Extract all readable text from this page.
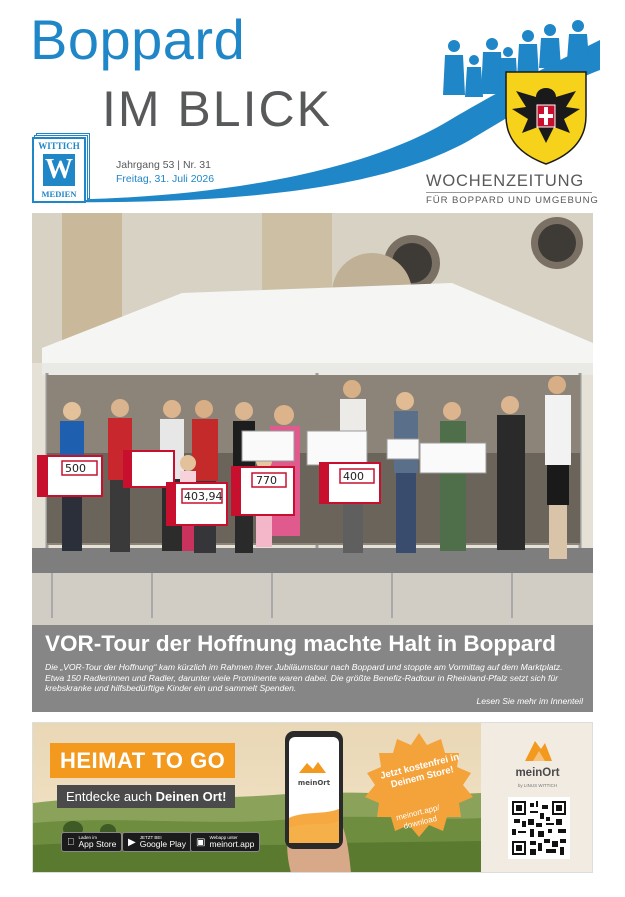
Boppard
IM BLICK
WITTICH
W
MEDIEN
Jahrgang 53 | Nr. 31
Freitag, 31. Juli 2026	WOCHENZEITUNG
FÜR BOPPARD UND UMGEBUNG
500
403,94
770	400
VOR-Tour der Hoffnung machte Halt in Boppard
Die „VOR-Tour der Hoffnung“ kam kürzlich im Rahmen ihrer Jubiläumstour nach Boppard und stoppte am Vormittag auf dem Marktplatz. Etwa 150 Radlerinnen und Radler, darunter viele Prominente waren dabei. Die größte Benefiz-Radtour in Rheinland-Pfalz setzt sich für krebskranke und hilfsbedürftige Kinder ein und sammelt Spenden.
Lesen Sie mehr im Innenteil
meinOrt
HEIMAT TO GO
Entdecke auch Deinen Ort!
Laden im
App Store ▶ JETZT BEI
Google Play ▣ Webapp unter
meinort.app
Jetzt kostenfrei in Deinem Store!
meinort.app/ download
meinOrt
by LINUS WITTICH
